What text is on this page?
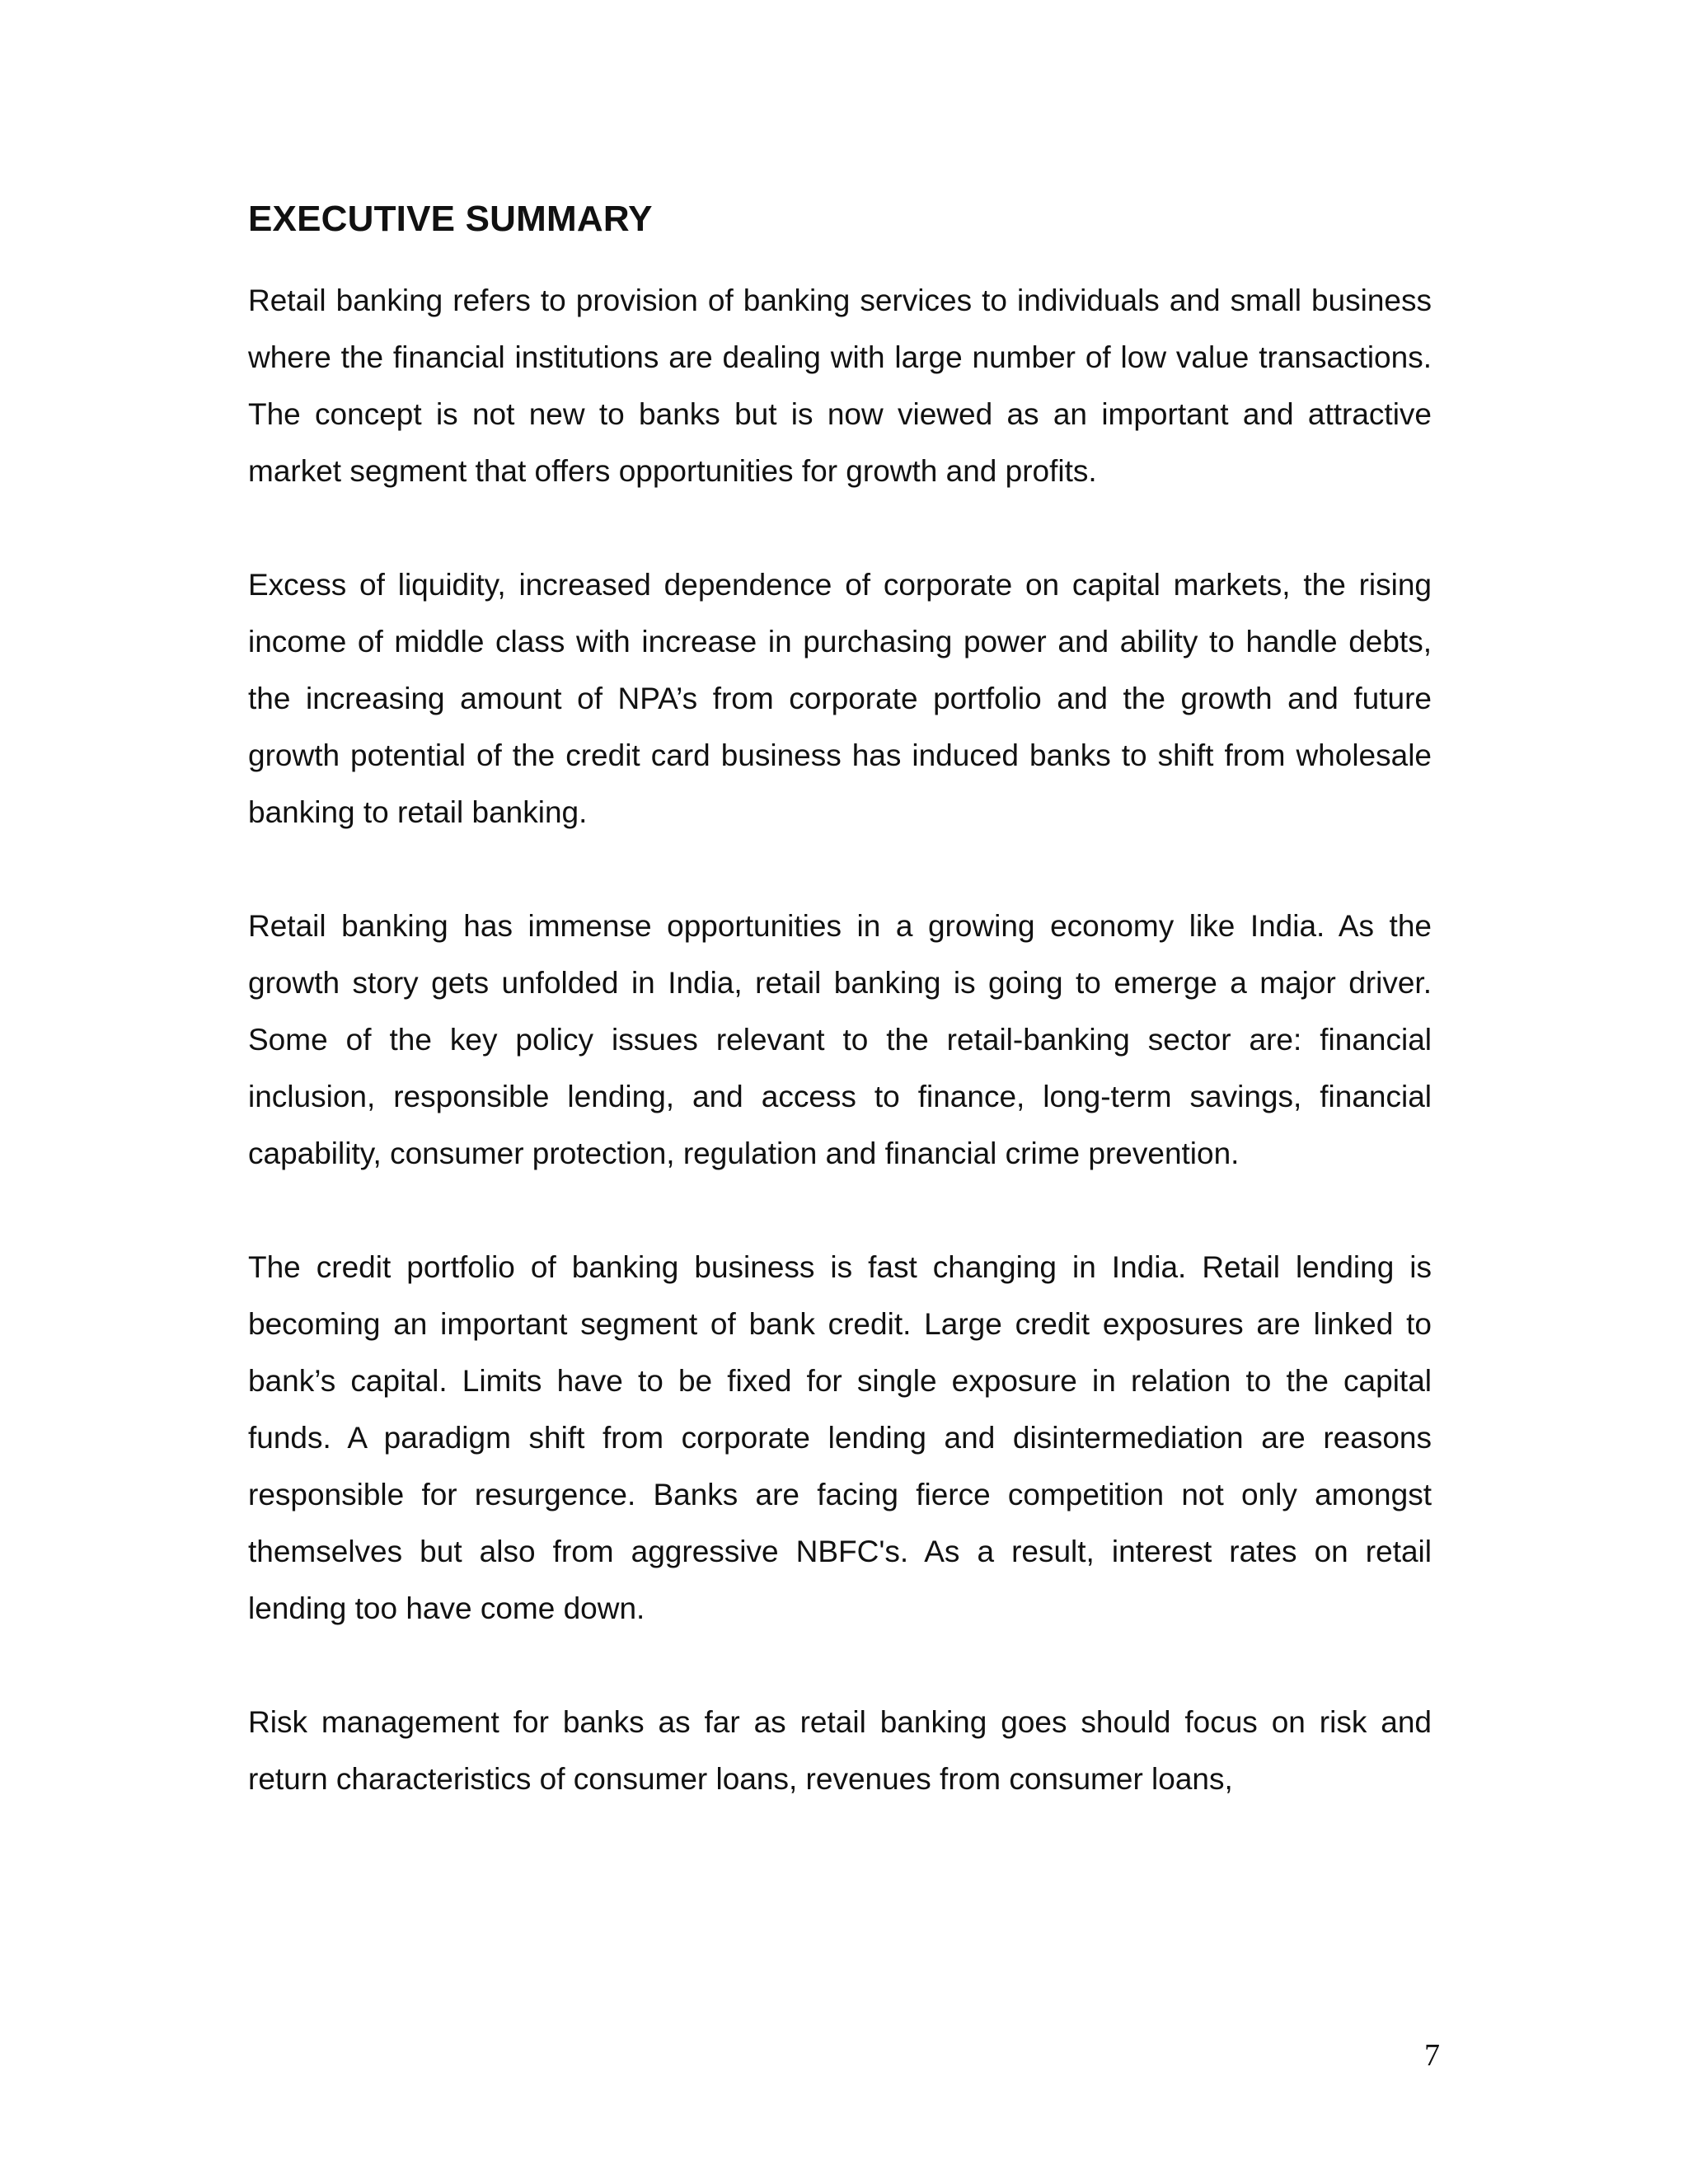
EXECUTIVE SUMMARY

Retail banking refers to provision of banking services to individuals and small business where the financial institutions are dealing with large number of low value transactions. The concept is not new to banks but is now viewed as an important and attractive market segment that offers opportunities for growth and profits.

Excess of liquidity, increased dependence of corporate on capital markets, the rising income of middle class with increase in purchasing power and ability to handle debts, the increasing amount of NPA’s from corporate portfolio and the growth and future growth potential of the credit card business has induced banks to shift from wholesale banking to retail banking.

Retail banking has immense opportunities in a growing economy like India. As the growth story gets unfolded in India, retail banking is going to emerge a major driver. Some of the key policy issues relevant to the retail-banking sector are: financial inclusion, responsible lending, and access to finance, long-term savings, financial capability, consumer protection, regulation and financial crime prevention.

The credit portfolio of banking business is fast changing in India. Retail lending is becoming an important segment of bank credit. Large credit exposures are linked to bank’s capital. Limits have to be fixed for single exposure in relation to the capital funds. A paradigm shift from corporate lending and disintermediation are reasons responsible for resurgence. Banks are facing fierce competition not only amongst themselves but also from aggressive NBFC's. As a result, interest rates on retail lending too have come down.

Risk management for banks as far as retail banking goes should focus on risk and return characteristics of consumer loans, revenues from consumer loans,

7
